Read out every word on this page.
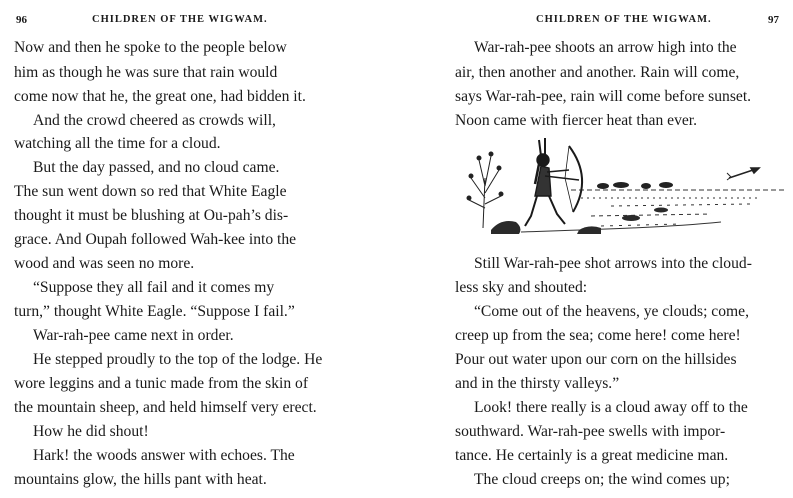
96	CHILDREN OF THE WIGWAM.
Now and then he spoke to the people below
him as though he was sure that rain would
come now that he, the great one, had bidden it.
And the crowd cheered as crowds will,
watching all the time for a cloud.
But the day passed, and no cloud came.
The sun went down so red that White Eagle
thought it must be blushing at Ou-pah’s dis-
grace. And Oupah followed Wah-kee into the
wood and was seen no more.
“Suppose they all fail and it comes my
turn,” thought White Eagle. “Suppose I fail.”
War-rah-pee came next in order.
He stepped proudly to the top of the lodge. He
wore leggins and a tunic made from the skin of
the mountain sheep, and held himself very erect.
How he did shout!
Hark! the woods answer with echoes. The
mountains glow, the hills pant with heat.
CHILDREN OF THE WIGWAM.	97
War-rah-pee shoots an arrow high into the
air, then another and another. Rain will come,
says War-rah-pee, rain will come before sunset.
Noon came with fiercer heat than ever.
Still War-rah-pee shot arrows into the cloud-
less sky and shouted:
“Come out of the heavens, ye clouds; come,
creep up from the sea; come here! come here!
Pour out water upon our corn on the hillsides
and in the thirsty valleys.”
Look! there really is a cloud away off to the
southward. War-rah-pee swells with impor-
tance. He certainly is a great medicine man.
The cloud creeps on; the wind comes up;
